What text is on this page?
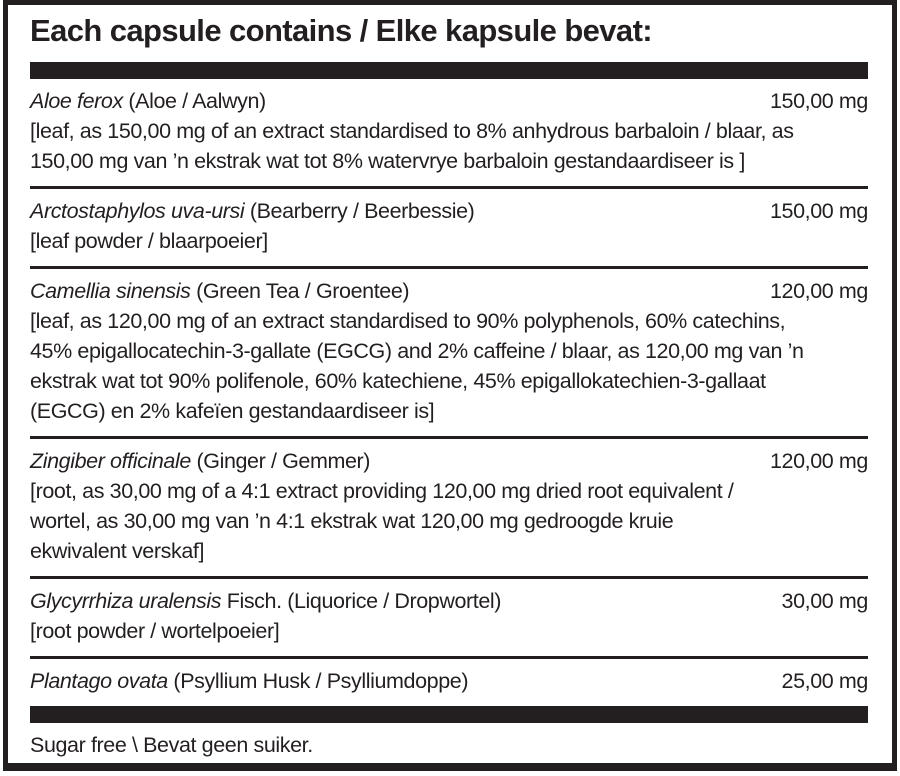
Each capsule contains / Elke kapsule bevat:
Aloe ferox (Aloe / Aalwyn)	150,00 mg
[leaf, as 150,00 mg of an extract standardised to 8% anhydrous barbaloin / blaar, as
150,00 mg van ’n ekstrak wat tot 8% watervrye barbaloin gestandaardiseer is ]
Arctostaphylos uva-ursi (Bearberry / Beerbessie)	150,00 mg
[leaf powder / blaarpoeier]
Camellia sinensis (Green Tea / Groentee)	120,00 mg
[leaf, as 120,00 mg of an extract standardised to 90% polyphenols, 60% catechins,
45% epigallocatechin-3-gallate (EGCG) and 2% caffeine / blaar, as 120,00 mg van ’n
ekstrak wat tot 90% polifenole, 60% katechiene, 45% epigallokatechien-3-gallaat
(EGCG) en 2% kafeïen gestandaardiseer is]
Zingiber officinale (Ginger / Gemmer)	120,00 mg
[root, as 30,00 mg of a 4:1 extract providing 120,00 mg dried root equivalent /
wortel, as 30,00 mg van ’n 4:1 ekstrak wat 120,00 mg gedroogde kruie
ekwivalent verskaf]
Glycyrrhiza uralensis Fisch. (Liquorice / Dropwortel)	30,00 mg
[root powder / wortelpoeier]
Plantago ovata (Psyllium Husk / Psylliumdoppe)	25,00 mg
Sugar free \ Bevat geen suiker.
